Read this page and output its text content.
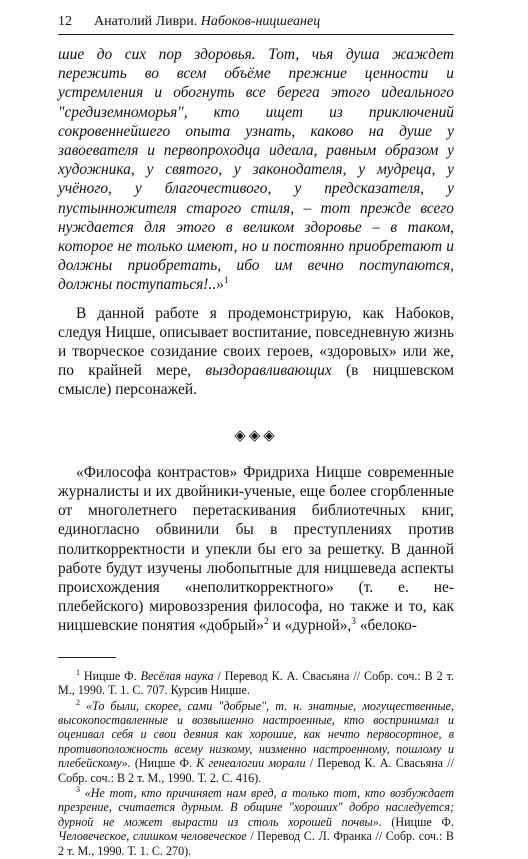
12 Анатолий Ливри.
Набоков-ницшеанец

шие до сих пор здоровья. Тот, чья душа жаждет пережить во всем объёме прежние ценности и устремления и обогнуть все берега этого идеального "средиземноморья", кто ищет из приключений сокровеннейшего опыта узнать, каково на душе у завоевателя и первопроходца идеала, равным образом у художника, у святого, у законодателя, у мудреца, у учёного, у благочестивого, у предсказателя, у пустынножителя старого стиля, – тот прежде всего нуждается для этого в великом здоровье – в таком, которое не только имеют, но и постоянно приобретают и должны приобретать, ибо им вечно поступаются, должны поступаться!..»$^1$

В данной работе я продемонстрирую, как Набоков, следуя Ницше, описывает воспитание, повседневную жизнь и творческое созидание своих героев, «здоровых» или же, по крайней мере, выздоравливающих (в ницшевском смысле) персонажей.

◈◈◈

«Философа контрастов» Фридриха Ницше современные журналисты и их двойники-ученые, еще более сгорбленные от многолетнего перетаскивания библиотечных книг, единогласно обвинили бы в преступлениях против политкорректности и упекли бы его за решетку. В данной работе будут изучены любопытные для ницшеведа аспекты происхождения «неполиткорректного» (т. е. не-плебейского) мировоззрения философа, но также и то, как ницшевские понятия «добрый»$^2$ и «дурной»,$^3$ «белоко-

$^1$ Ницше Ф. Весёлая наука / Перевод К. А. Свасьяна // Собр. соч.: В 2 т. М., 1990. Т. 1. С. 707. Курсив Ницше.

$^2$ «То были, скорее, сами "добрые", т. н. знатные, могущественные, высокопоставленные и возвышенно настроенные, кто воспринимал и оценивал себя и свои деяния как хорошие, как нечто первосортное, в противоположность всему низкому, низменно настроенному, пошлому и плебейскому». (Ницше Ф. К генеалогии морали / Перевод К. А. Свасьяна // Собр. соч.: В 2 т. М., 1990. Т. 2. С. 416).

$^3$ «Не тот, кто причиняет нам вред, а только тот, кто возбуждает презрение, считается дурным. В общине "хороших" добро наследуется; дурной не может вырасти из столь хорошей почвы». (Ницше Ф. Человеческое, слишком человеческое / Перевод С. Л. Франка // Собр. соч.: В 2 т. М., 1990. Т. 1. С. 270).
